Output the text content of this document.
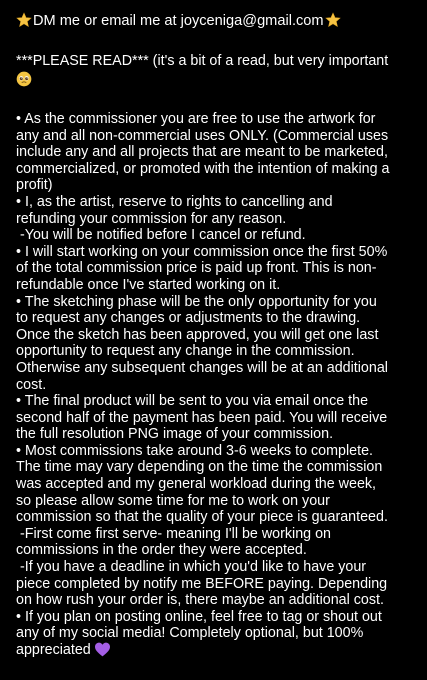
DM me or email me at joyceniga@gmail.com
***PLEASE READ*** (it's a bit of a read, but very important

• As the commissioner you are free to use the artwork for
any and all non-commercial uses ONLY. (Commercial uses
include any and all projects that are meant to be marketed,
commercialized, or promoted with the intention of making a
profit)
• I, as the artist, reserve to rights to cancelling and
refunding your commission for any reason.
-You will be notified before I cancel or refund.
• I will start working on your commission once the first 50%
of the total commission price is paid up front. This is non-
refundable once I've started working on it.
• The sketching phase will be the only opportunity for you
to request any changes or adjustments to the drawing.
Once the sketch has been approved, you will get one last
opportunity to request any change in the commission.
Otherwise any subsequent changes will be at an additional
cost.
• The final product will be sent to you via email once the
second half of the payment has been paid. You will receive
the full resolution PNG image of your commission.
• Most commissions take around 3-6 weeks to complete.
The time may vary depending on the time the commission
was accepted and my general workload during the week,
so please allow some time for me to work on your
commission so that the quality of your piece is guaranteed.
-First come first serve- meaning I'll be working on
commissions in the order they were accepted.
-If you have a deadline in which you'd like to have your
piece completed by notify me BEFORE paying. Depending
on how rush your order is, there maybe an additional cost.
• If you plan on posting online, feel free to tag or shout out
any of my social media! Completely optional, but 100%
appreciated
